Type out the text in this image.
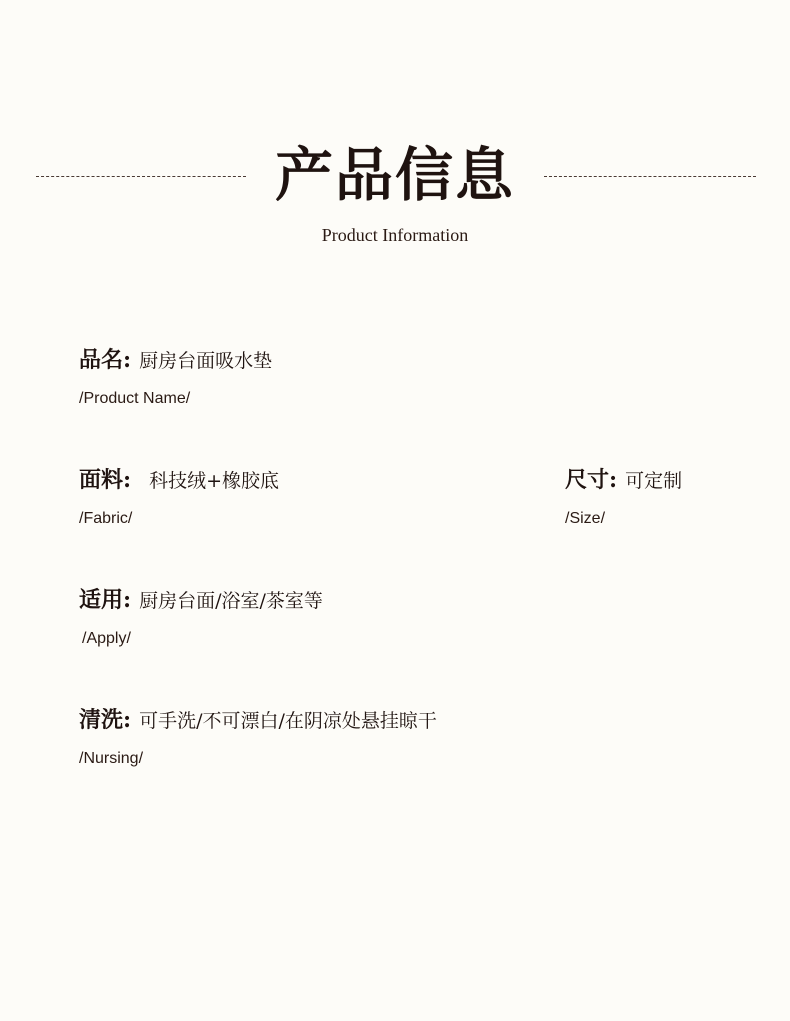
产品信息
Product Information
品名: 厨房台面吸水垫
/Product Name/
面料: 科技绒+橡胶底
/Fabric/
尺寸: 可定制
/Size/
适用: 厨房台面/浴室/茶室等
/Apply/
清洗: 可手洗/不可漂白/在阴凉处悬挂晾干
/Nursing/
